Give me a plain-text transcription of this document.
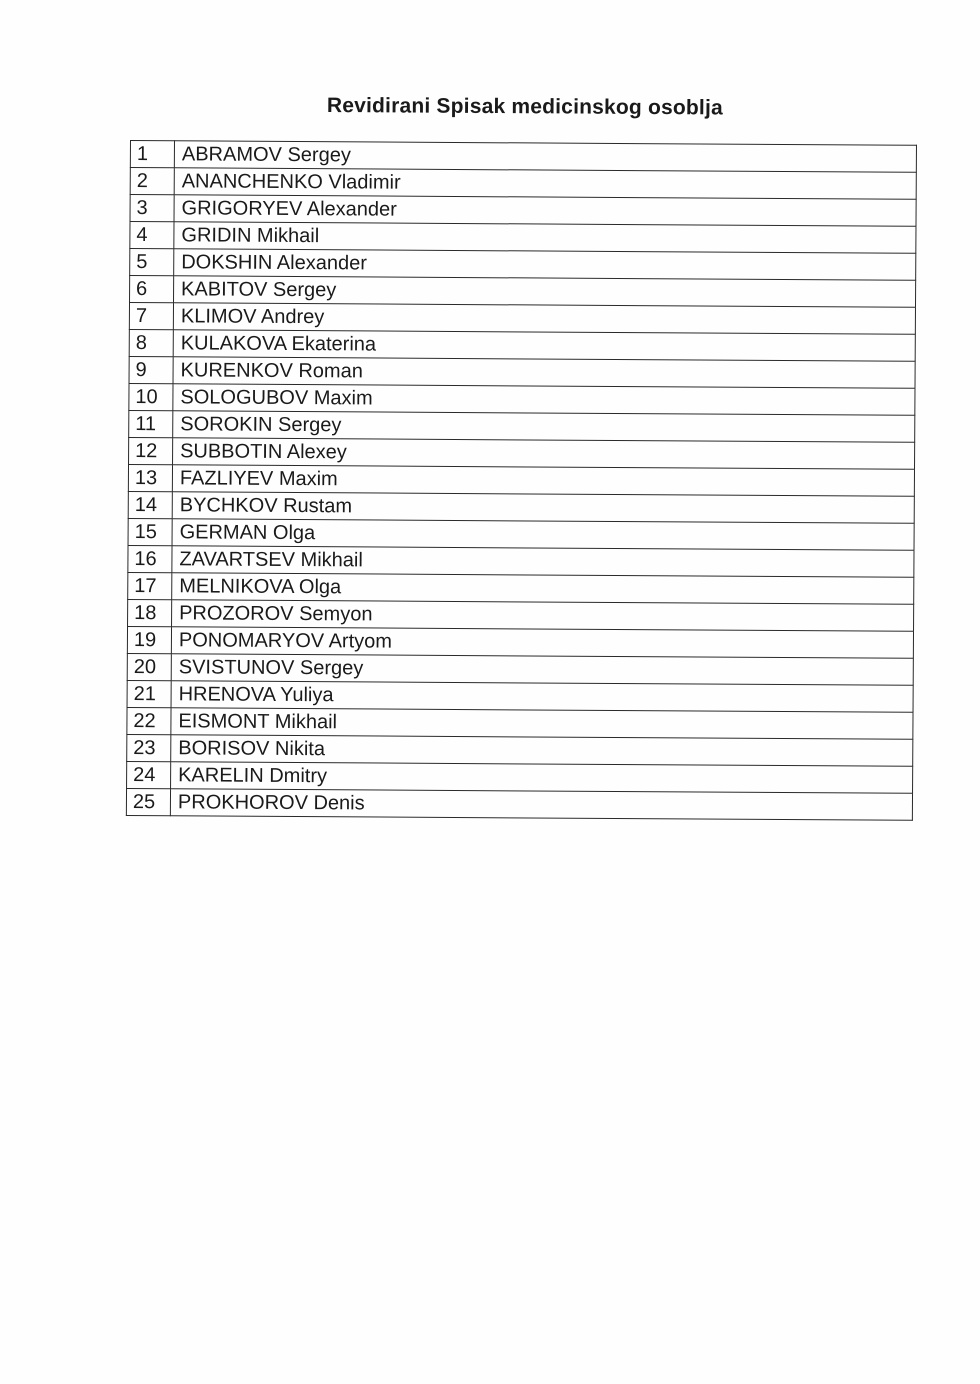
Revidirani Spisak medicinskog osoblja
1	ABRAMOV Sergey
2	ANANCHENKO Vladimir
3	GRIGORYEV Alexander
4	GRIDIN Mikhail
5	DOKSHIN Alexander
6	KABITOV Sergey
7	KLIMOV Andrey
8	KULAKOVA Ekaterina
9	KURENKOV Roman
10	SOLOGUBOV Maxim
11	SOROKIN Sergey
12	SUBBOTIN Alexey
13	FAZLIYEV Maxim
14	BYCHKOV Rustam
15	GERMAN Olga
16	ZAVARTSEV Mikhail
17	MELNIKOVA Olga
18	PROZOROV Semyon
19	PONOMARYOV Artyom
20	SVISTUNOV Sergey
21	HRENOVA Yuliya
22	EISMONT Mikhail
23	BORISOV Nikita
24	KARELIN Dmitry
25	PROKHOROV Denis
